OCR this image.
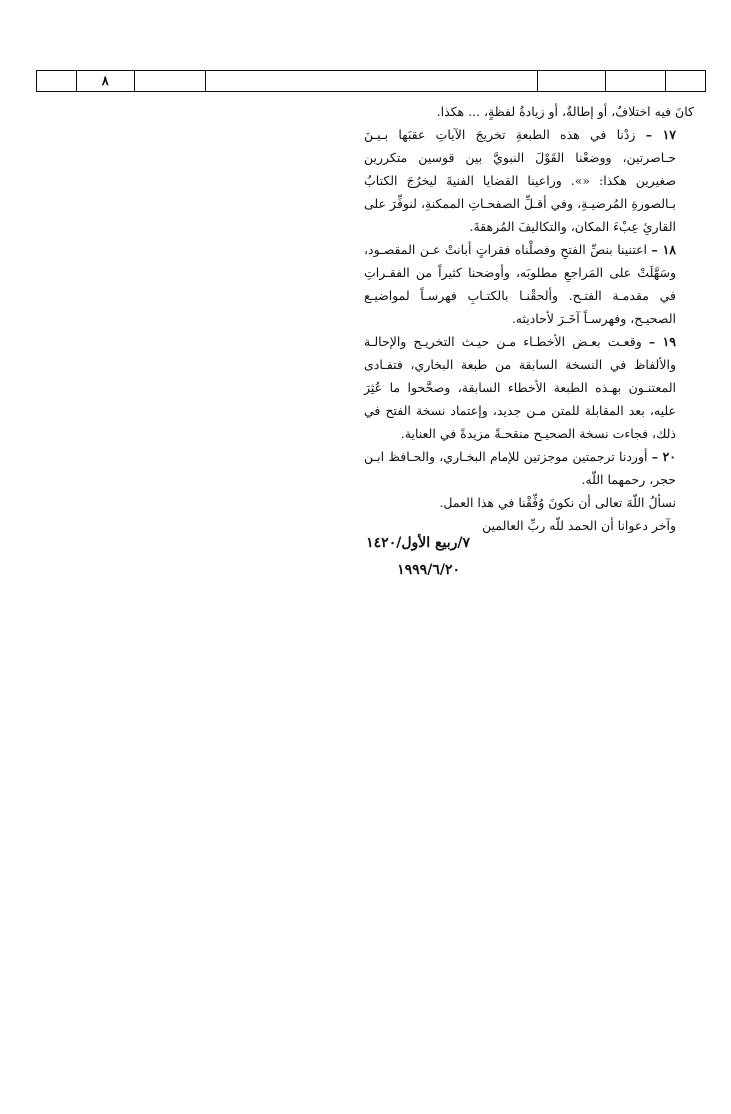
٨

كانَ فيه اختلافٌ، أو إطالةٌ، أو زيادةُ لفظةٍ، ... هكذا.

١٧ – زدْنا في هذه الطبعةِ تخريجَ الآياتِ عقبَها بـيـنَ حـاصرتين، ووضعْنا القَوْلَ النبويَّ بين قوسين متكررين صغيرين هكذا: «». وراعينا القضايا الفنيةَ ليخرُجَ الكتابُ بـالصورةِ المُرضيـةِ، وفي أقـلِّ الصفحـاتِ الممكنةِ، لنوفِّرَ على القارئِ عِبْءَ المكان، والتكاليفَ المُرهقةَ.

١٨ – اعتنينا بنصِّ الفتحِ وفصلْناه فقراتٍ أبانتْ عـن المقصـود، وسَهَّلَتْ على المَراجعِ مطلوبَه، وأوضحنا كثيراً من الفقـراتِ في مقدمـة الفتـح. وألحقْنـا بالكتـابِ فهرسـاً لمواضيـع الصحيـح، وفهرسـاً آخَـرَ لأحاديثه.

١٩ – وقعـت بعـض الأخطـاء مـن حيـث التخريـج والإحالـة والألفاظ في النسخة السابقة من طبعة البخاري، فتفـادى المعتنـون بهـذه الطبعة الأخطاء السابقة، وصحَّحوا ما عُثِرَ عليه، بعد المقابلة للمتن مـن جديد، وإعتماد نسخة الفتح في ذلك، فجاءت نسخة الصحيـح منقحـةً مزيدةً في العناية.

٢٠ – أوردنا ترجمتين موجزتين للإمام البخـاري، والحـافظ ابـن حجر، رحمهما اللّه.

نسألُ اللّهَ تعالى أن نكونَ وُفِّقْنا في هذا العمل.

وآخر دعوانا أن الحمد للّه ربِّ العالمين

٧/ربيع الأول/١٤٢٠
١٩٩٩/٦/٢٠
